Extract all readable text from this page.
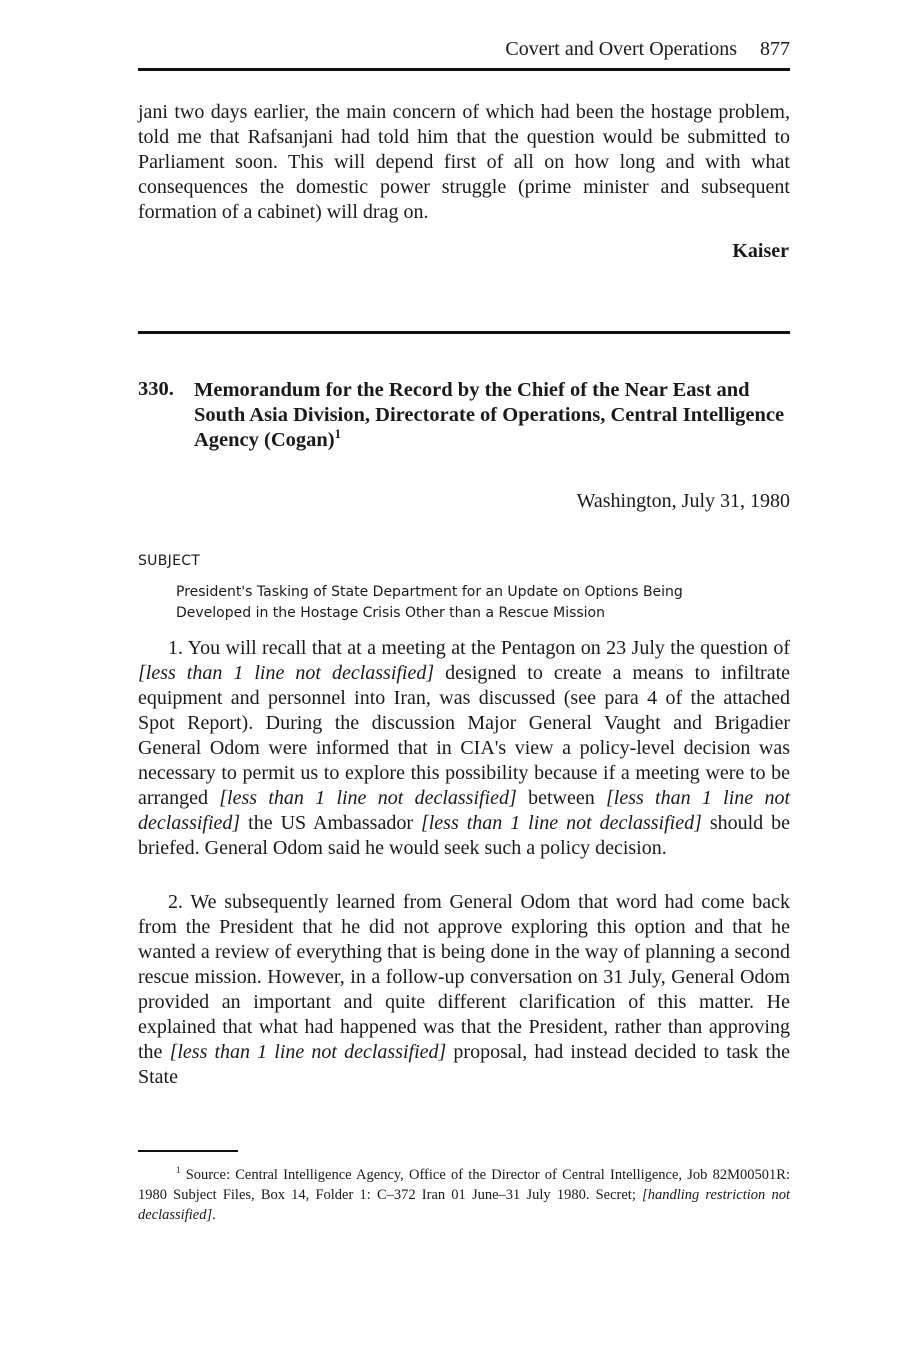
Covert and Overt Operations 877

jani two days earlier, the main concern of which had been the hostage problem, told me that Rafsanjani had told him that the question would be submitted to Parliament soon. This will depend first of all on how long and with what consequences the domestic power struggle (prime minister and subsequent formation of a cabinet) will drag on.

Kaiser
330. Memorandum for the Record by the Chief of the Near East and South Asia Division, Directorate of Operations, Central Intelligence Agency (Cogan)$^1$

Washington, July 31, 1980
SUBJECT

President's Tasking of State Department for an Update on Options Being Developed in the Hostage Crisis Other than a Rescue Mission

1. You will recall that at a meeting at the Pentagon on 23 July the question of [less than 1 line not declassified] designed to create a means to infiltrate equipment and personnel into Iran, was discussed (see para 4 of the attached Spot Report). During the discussion Major General Vaught and Brigadier General Odom were informed that in CIA's view a policy-level decision was necessary to permit us to explore this possibility because if a meeting were to be arranged [less than 1 line not declassified] between [less than 1 line not declassified] the US Ambassador [less than 1 line not declassified] should be briefed. General Odom said he would seek such a policy decision.

2. We subsequently learned from General Odom that word had come back from the President that he did not approve exploring this option and that he wanted a review of everything that is being done in the way of planning a second rescue mission. However, in a follow-up conversation on 31 July, General Odom provided an important and quite different clarification of this matter. He explained that what had happened was that the President, rather than approving the [less than 1 line not declassified] proposal, had instead decided to task the State

$^1$ Source: Central Intelligence Agency, Office of the Director of Central Intelligence, Job 82M00501R: 1980 Subject Files, Box 14, Folder 1: C–372 Iran 01 June–31 July 1980. Secret; [handling restriction not declassified].
